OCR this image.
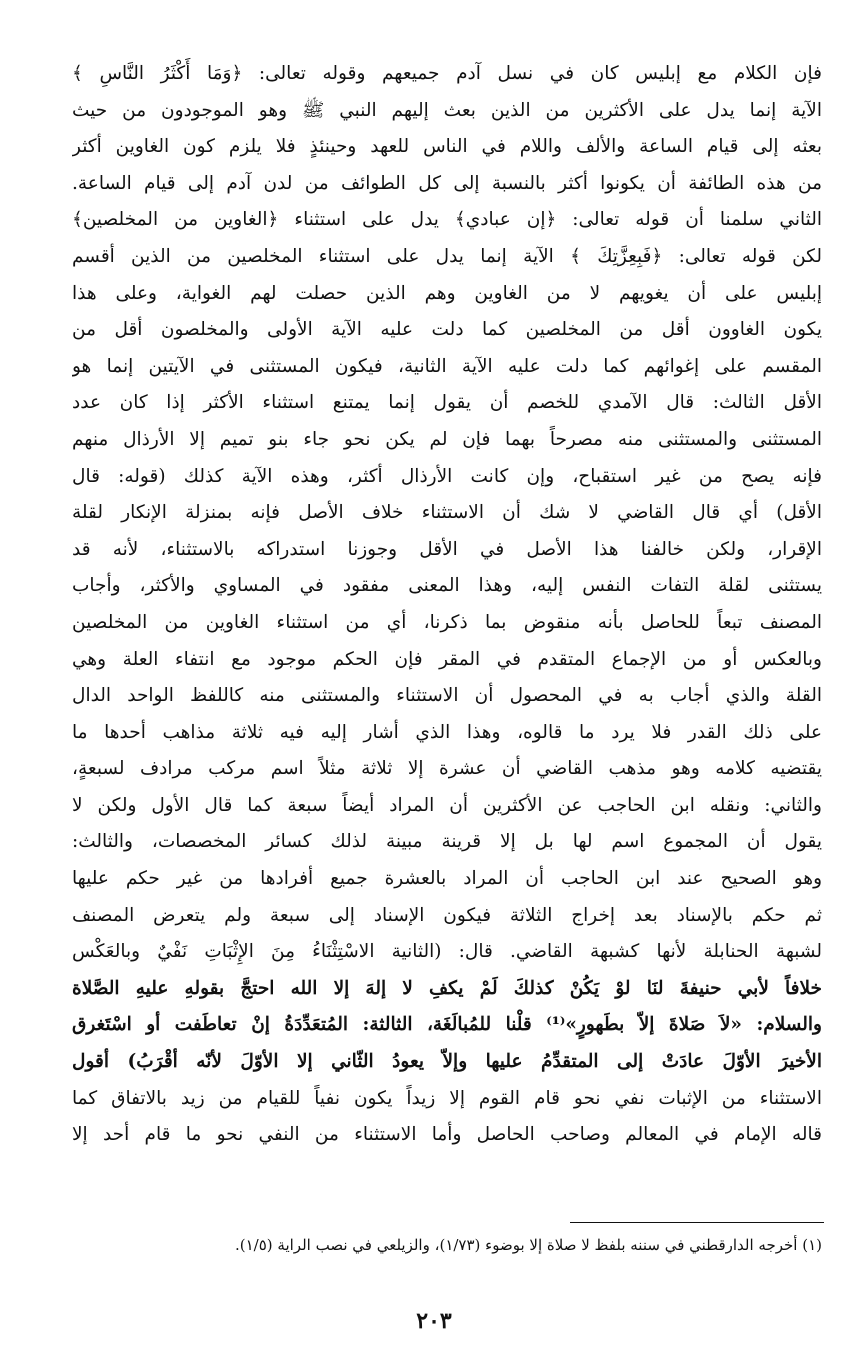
فإن الكلام مع إبليس كان في نسل آدم جميعهم وقوله تعالى: ﴿وَمَا أَكْثَرُ النَّاسِ ﴾
الآية إنما يدل على الأكثرين من الذين بعث إليهم النبي ﷺ وهو الموجودون من حيث
بعثه إلى قيام الساعة والألف واللام في الناس للعهد وحينئذٍ فلا يلزم كون الغاوين أكثر
من هذه الطائفة أن يكونوا أكثر بالنسبة إلى كل الطوائف من لدن آدم إلى قيام الساعة.
الثاني سلمنا أن قوله تعالى: ﴿إن عبادي﴾ يدل على استثناء ﴿الغاوين من المخلصين﴾
لكن قوله تعالى: ﴿فَبِعِزَّتِكَ ﴾ الآية إنما يدل على استثناء المخلصين من الذين أقسم
إبليس على أن يغويهم لا من الغاوين وهم الذين حصلت لهم الغواية، وعلى هذا
يكون الغاوون أقل من المخلصين كما دلت عليه الآية الأولى والمخلصون أقل من
المقسم على إغوائهم كما دلت عليه الآية الثانية، فيكون المستثنى في الآيتين إنما هو
الأقل الثالث: قال الآمدي للخصم أن يقول إنما يمتنع استثناء الأكثر إذا كان عدد
المستثنى والمستثنى منه مصرحاً بهما فإن لم يكن نحو جاء بنو تميم إلا الأرذال منهم
فإنه يصح من غير استقباح، وإن كانت الأرذال أكثر، وهذه الآية كذلك (قوله: قال
الأقل) أي قال القاضي لا شك أن الاستثناء خلاف الأصل فإنه بمنزلة الإنكار لقلة
الإقرار، ولكن خالفنا هذا الأصل في الأقل وجوزنا استدراكه بالاستثناء، لأنه قد
يستثنى لقلة التفات النفس إليه، وهذا المعنى مفقود في المساوي والأكثر، وأجاب
المصنف تبعاً للحاصل بأنه منقوض بما ذكرنا، أي من استثناء الغاوين من المخلصين
وبالعكس أو من الإجماع المتقدم في المقر فإن الحكم موجود مع انتفاء العلة وهي
القلة والذي أجاب به في المحصول أن الاستثناء والمستثنى منه كاللفظ الواحد الدال
على ذلك القدر فلا يرد ما قالوه، وهذا الذي أشار إليه فيه ثلاثة مذاهب أحدها ما
يقتضيه كلامه وهو مذهب القاضي أن عشرة إلا ثلاثة مثلاً اسم مركب مرادف لسبعةٍ،
والثاني: ونقله ابن الحاجب عن الأكثرين أن المراد أيضاً سبعة كما قال الأول ولكن لا
يقول أن المجموع اسم لها بل إلا قرينة مبينة لذلك كسائر المخصصات، والثالث:
وهو الصحيح عند ابن الحاجب أن المراد بالعشرة جميع أفرادها من غير حكم عليها
ثم حكم بالإسناد بعد إخراج الثلاثة فيكون الإسناد إلى سبعة ولم يتعرض المصنف
لشبهة الحنابلة لأنها كشبهة القاضي. قال: (الثانية الاسْتِثْنَاءُ مِنَ الإِثْبَاتِ نَفْيٌ وبالعَكْس
خلافاً لأبي حنيفةَ لنَا لوْ يَكُنْ كذلكَ لَمْ يكفِ لا إلهَ إلا الله احتجَّ بقولهِ عليهِ الصَّلاة
والسلام: «لاَ صَلاةَ إلاّ بطَهورٍ»⁽¹⁾ قلْنا للمُبالَغَة، الثالثة: المُتعَدِّدَةُ إنْ تعاطَفت أو اسْتَغرق
الأخيرَ الأوّلَ عادَتْ إلى المتقدِّمُ عليها وإلاّ يعودُ الثّاني إلا الأوّلَ لأنّه أقْرَبُ) أقول
الاستثناء من الإثبات نفي نحو قام القوم إلا زيداً يكون نفياً للقيام من زيد بالاتفاق كما
قاله الإمام في المعالم وصاحب الحاصل وأما الاستثناء من النفي نحو ما قام أحد إلا
(١) أخرجه الدارقطني في سننه بلفظ لا صلاة إلا بوضوء (١/٧٣)، والزيلعي في نصب الراية (١/٥).
٢٠٣
